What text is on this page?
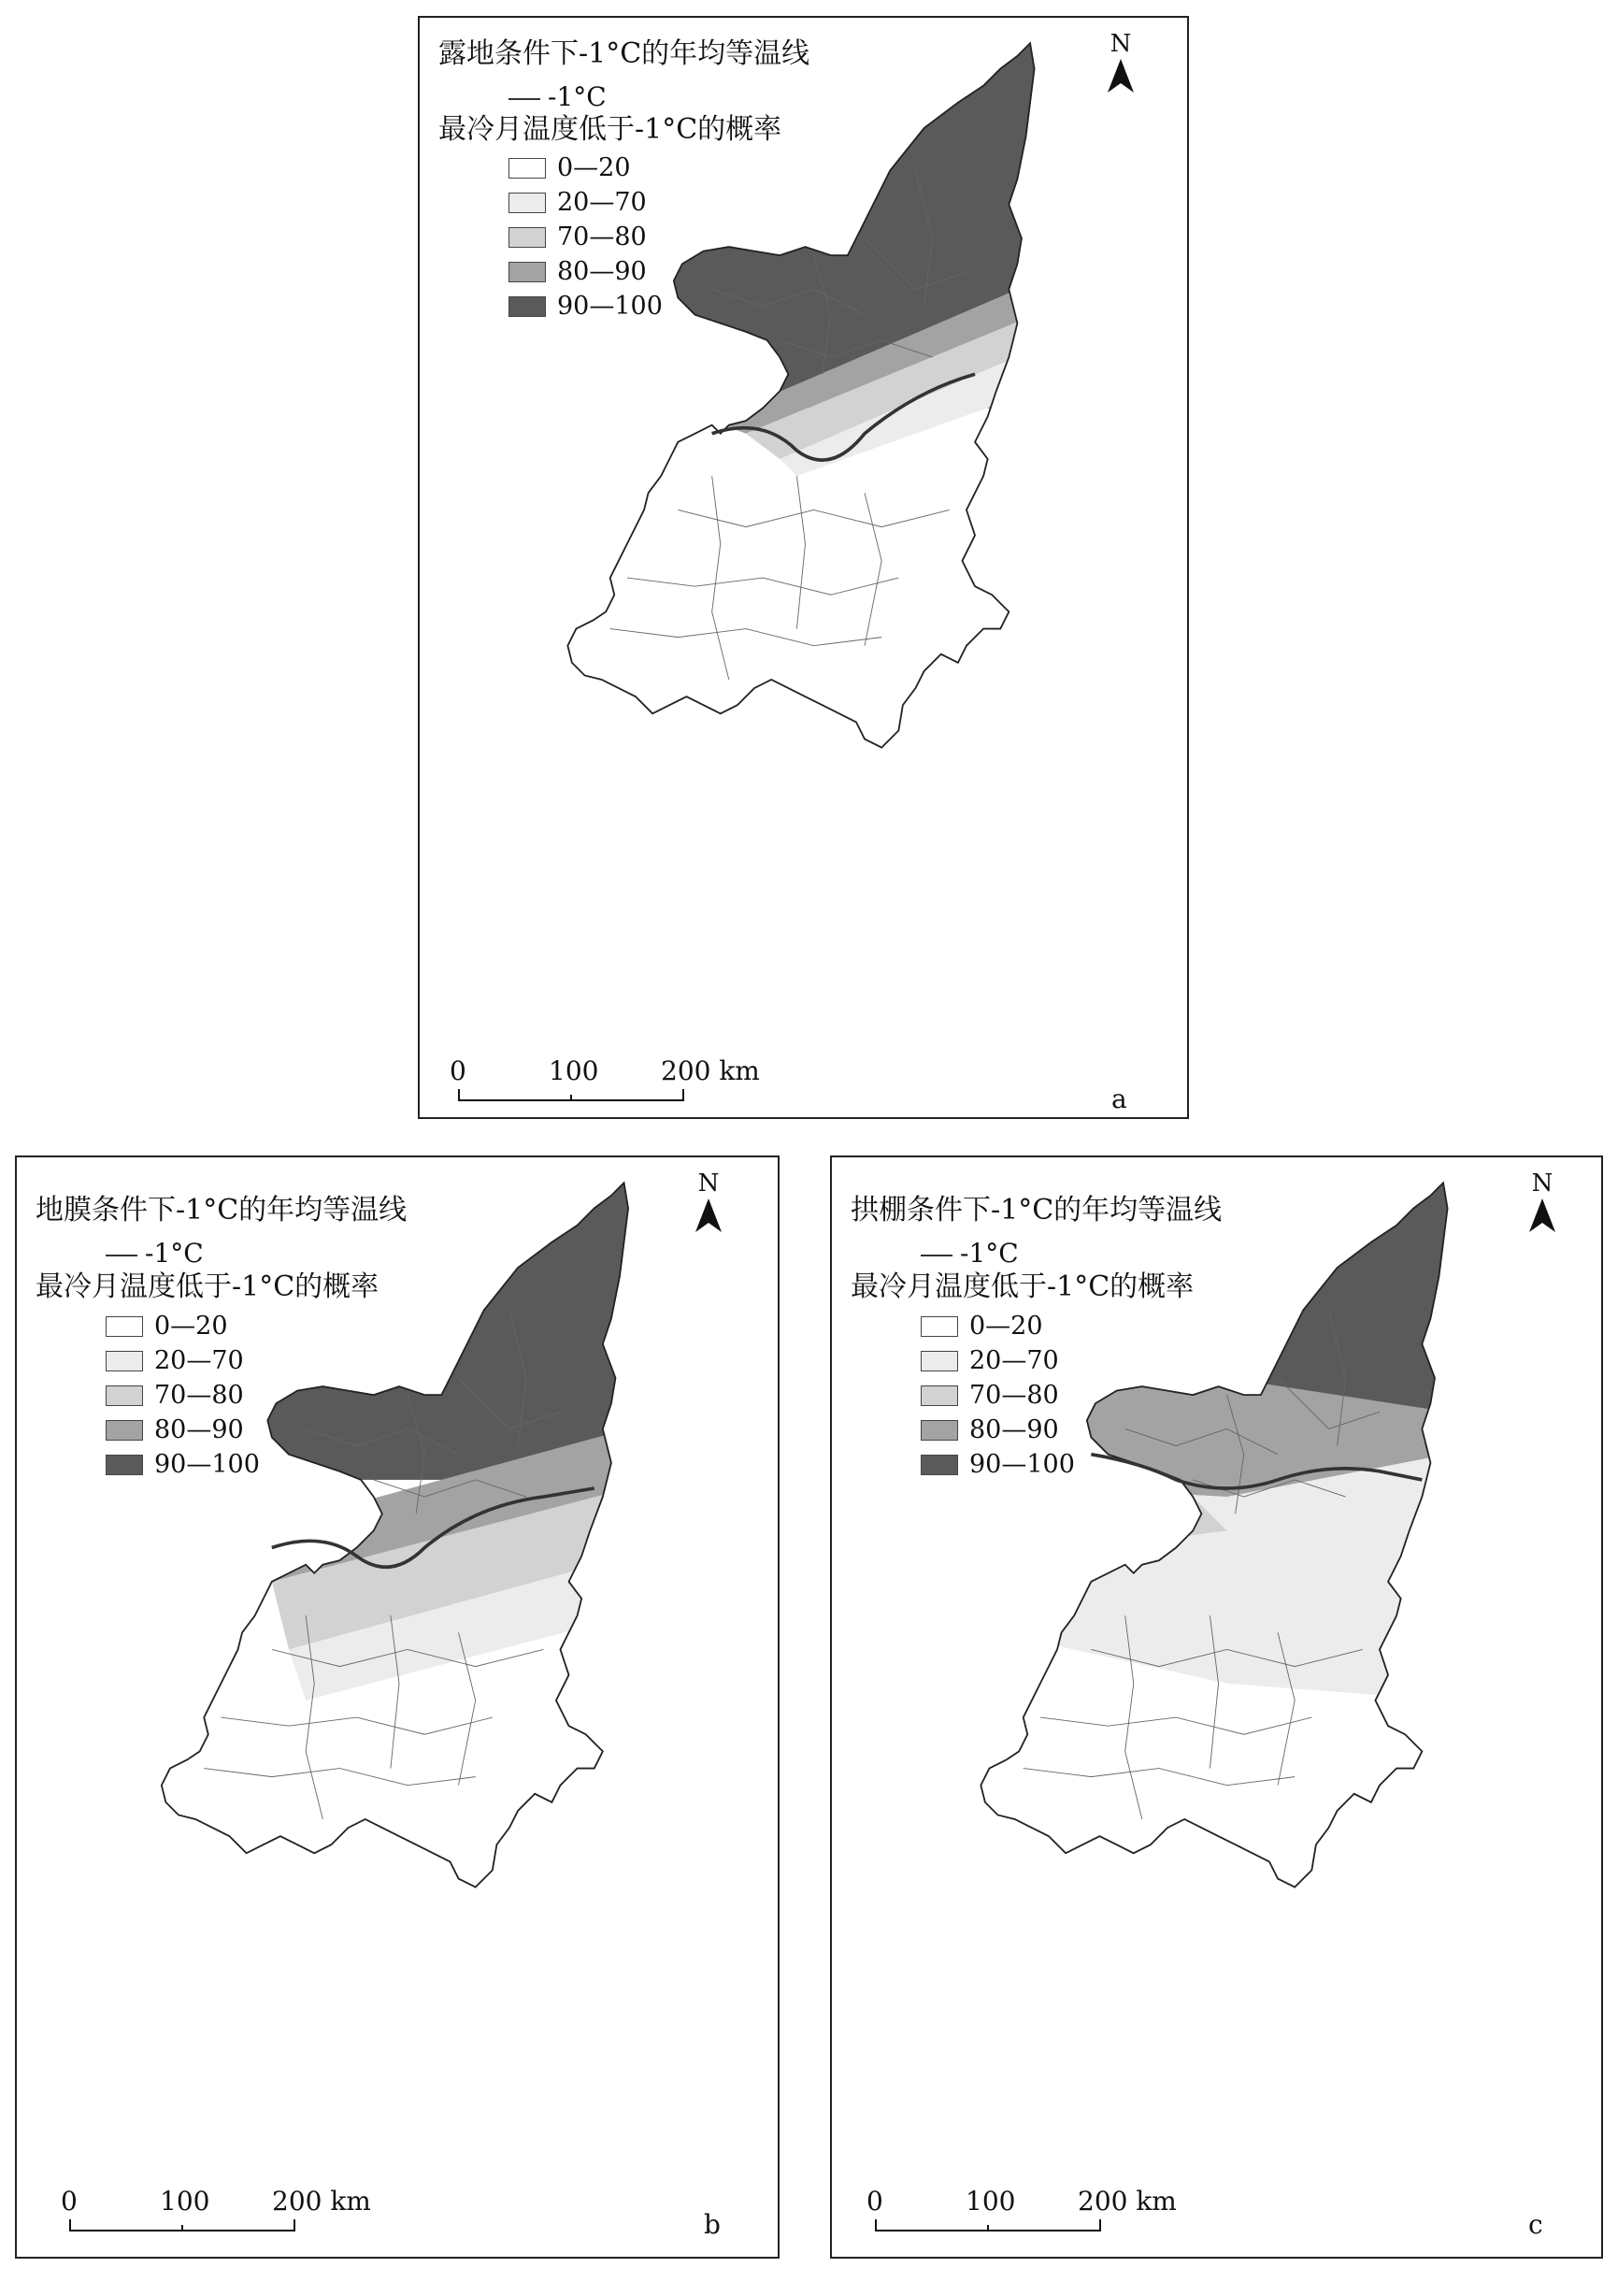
露地条件下-1°C的年均等温线
-1°C
最冷月温度低于-1°C的概率
0—20
20—70
70—80
80—90
90—100
N
0	100 200 km
a
地膜条件下-1°C的年均等温线
-1°C
最冷月温度低于-1°C的概率
0—20
20—70
70—80
80—90
90—100
N
0	100 200 km
b
拱棚条件下-1°C的年均等温线
-1°C
最冷月温度低于-1°C的概率
0—20
20—70
70—80
80—90
90—100
N
0	100 200 km
c
